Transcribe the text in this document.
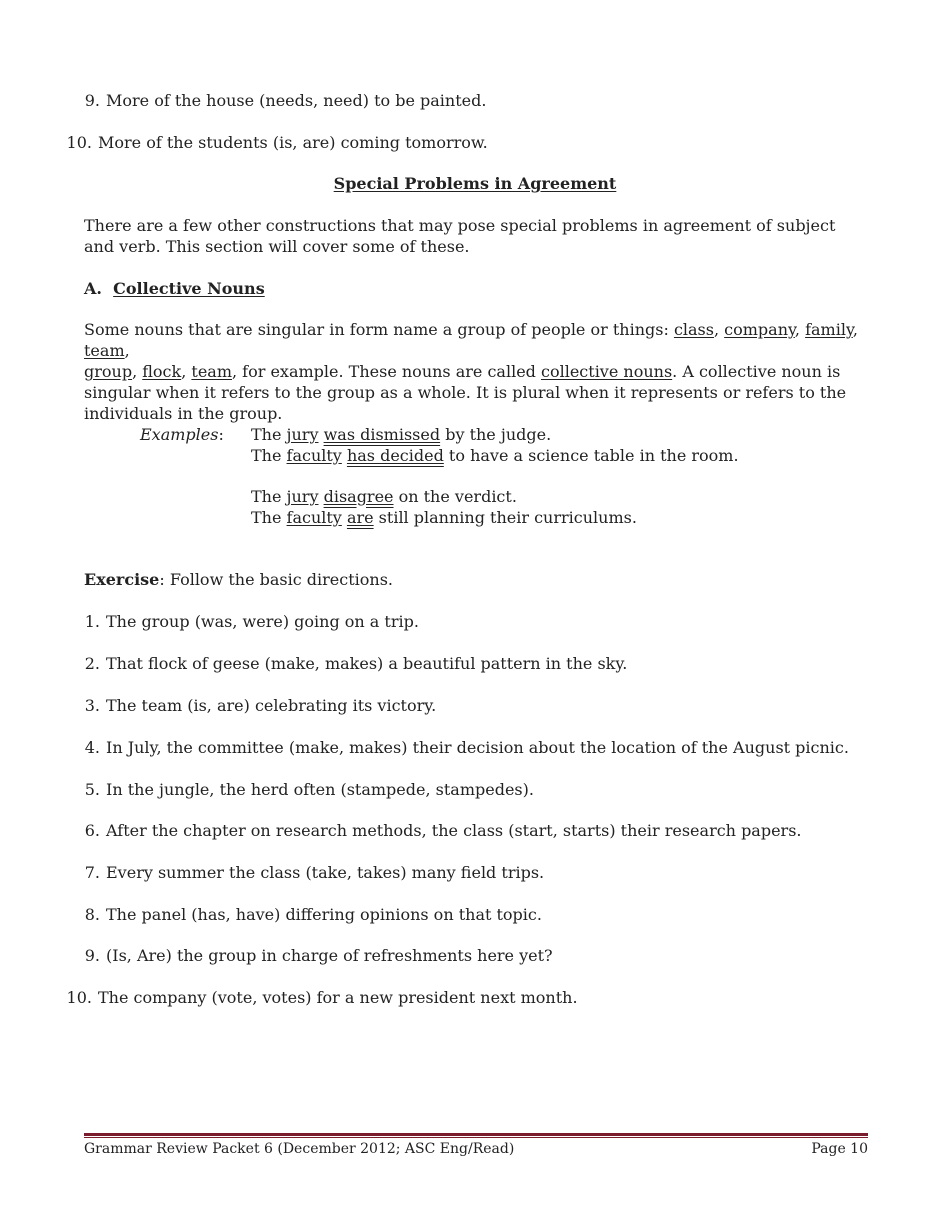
9. More of the house (needs, need) to be painted.
10. More of the students (is, are) coming tomorrow.
Special Problems in Agreement
There are a few other constructions that may pose special problems in agreement of subject and verb. This section will cover some of these.
A. Collective Nouns
Some nouns that are singular in form name a group of people or things: class, company, family, team,
group, flock, team, for example. These nouns are called collective nouns. A collective noun is singular when it refers to the group as a whole. It is plural when it represents or refers to the individuals in the group.
Examples: The jury was dismissed by the judge.
The faculty has decided to have a science table in the room.
The jury disagree on the verdict.
The faculty are still planning their curriculums.
Exercise: Follow the basic directions.
1. The group (was, were) going on a trip.
2. That flock of geese (make, makes) a beautiful pattern in the sky.
3. The team (is, are) celebrating its victory.
4. In July, the committee (make, makes) their decision about the location of the August picnic.
5. In the jungle, the herd often (stampede, stampedes).
6. After the chapter on research methods, the class (start, starts) their research papers.
7. Every summer the class (take, takes) many field trips.
8. The panel (has, have) differing opinions on that topic.
9. (Is, Are) the group in charge of refreshments here yet?
10. The company (vote, votes) for a new president next month.
Grammar Review Packet 6 (December 2012; ASC Eng/Read)	Page 10
